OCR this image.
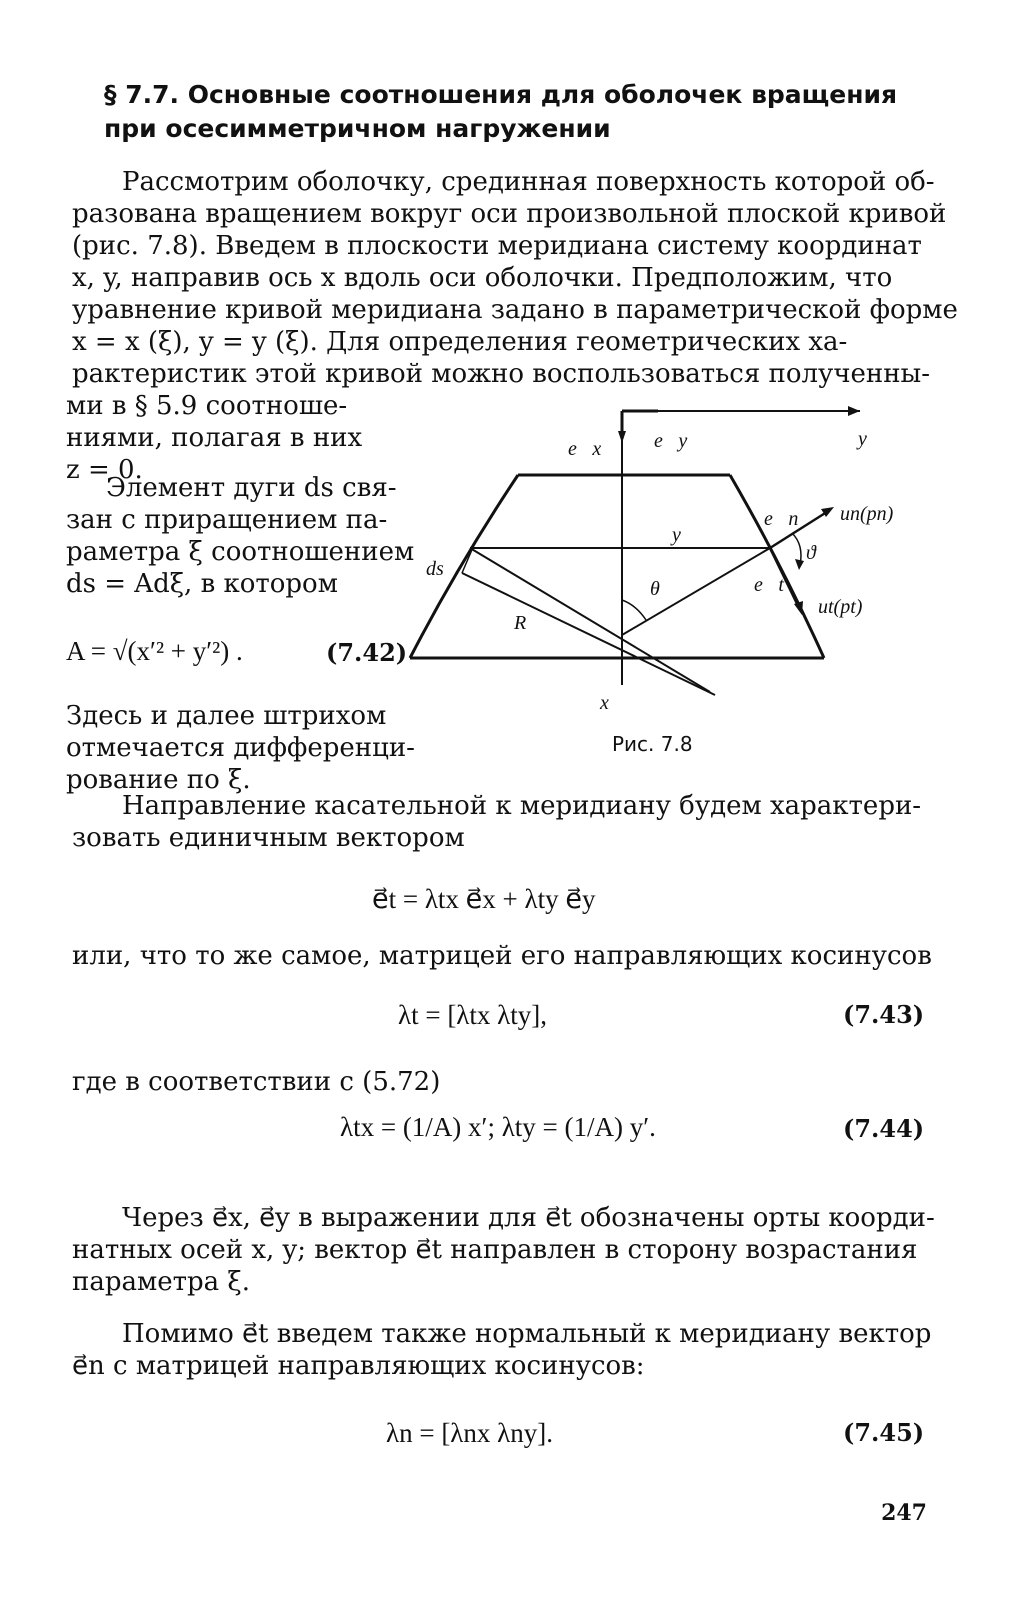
§ 7.7. Основные соотношения для оболочек вращения
при осесимметричном нагружении
Рассмотрим оболочку, срединная поверхность которой об-
разована вращением вокруг оси произвольной плоской кривой
(рис. 7.8). Введем в плоскости меридиана систему координат
x, y, направив ось x вдоль оси оболочки. Предположим, что
уравнение кривой меридиана задано в параметрической форме
x = x (ξ), y = y (ξ). Для определения геометрических ха-
рактеристик этой кривой можно воспользоваться полученны-
ми в § 5.9 соотноше-
ниями, полагая в них
z = 0.
Элемент дуги ds свя-
зан с приращением па-
раметра ξ соотношением
ds = Adξ, в котором
A = √(x′² + y′²) .	(7.42)
Здесь и далее штрихом
отмечается дифференци-
рование по ξ.
e⃗x	e⃗y	y
x
y
θ
ds
R
e⃗n
e⃗t
un(pn)
ut(pt)
ϑ
Рис. 7.8
Направление касательной к меридиану будем характери-
зовать единичным вектором
e⃗t = λtx e⃗x + λty e⃗y
или, что то же самое, матрицей его направляющих косинусов
λt = [λtx λty],	(7.43)
где в соответствии с (5.72)
λtx = (1/A) x′; λty = (1/A) y′.	(7.44)
Через e⃗x, e⃗y в выражении для e⃗t обозначены орты коорди-
натных осей x, y; вектор e⃗t направлен в сторону возрастания
параметра ξ.
Помимо e⃗t введем также нормальный к меридиану вектор
e⃗n с матрицей направляющих косинусов:
λn = [λnx λny].	(7.45)
247
